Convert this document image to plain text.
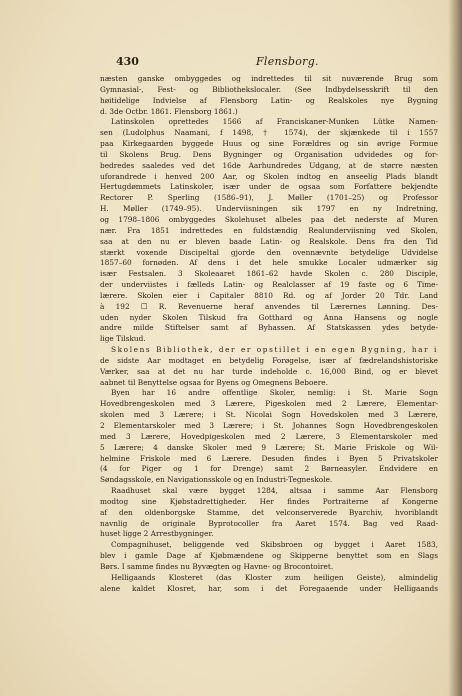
430	Flensborg.
næsten ganske ombyggedes og indrettedes til sit nuværende Brug som
Gymnasial-, Fest- og Bibliothekslocaler. (See Indbydelsesskrift til den
høitidelige Indvielse af Flensborg Latin- og Realskoles nye Bygning
d. 3de Octbr. 1861. Flensborg 1861.)
Latinskolen oprettedes 1566 af Franciskaner-Munken Lütke Namen-
sen (Ludolphus Naamani, f 1498, † 1574), der skjænkede til i 1557
paa Kirkegaarden byggede Huus og sine Forældres og sin øvrige Formue
til Skolens Brug. Dens Bygninger og Organisation udvidedes og for-
bedredes saaledes ved det 16de Aarhundredes Udgang, at de større næsten
uforandrede i henved 200 Aar, og Skolen indtog en anseelig Plads blandt
Hertugdømmets Latinskoler, især under de ogsaa som Forfattere bekjendte
Rectorer P. Sperling (1586–91), J. Møller (1701–25) og Professor
H. Møller (1749–95). Underviisningen sik 1797 en ny Indretning,
og 1798–1806 ombyggedes Skolehuset albeles paa det nederste af Muren
nær. Fra 1851 indrettedes en fuldstændig Realunderviisning ved Skolen,
saa at den nu er bleven baade Latin- og Realskole. Dens fra den Tid
stærkt voxende Discipeltal gjorde den ovennævnte betydelige Udvidelse
1857–60 fornøden. Af dens i det hele smukke Localer udmærker sig
især Festsalen. 3 Skoleaaret 1861–62 havde Skolen c. 280 Disciple,
der underviistes i fælleds Latin- og Realclasser af 19 faste og 6 Time-
lærere. Skolen eier i Capitaler 8810 Rd. og af Jorder 20 Tdr. Land
à 192 ☐ R. Revenuerne heraf anvendes til Lærernes Lønning. Des-
uden nyder Skolen Tilskud fra Gotthard og Anna Hansens og nogle
andre milde Stiftelser samt af Byhassen. Af Statskassen ydes betyde-
lige Tilskud.
Skolens Bibliothek, der er opstillet i en egen Bygning, har i
de sidste Aar modtaget en betydelig Forøgelse, især af fædrelandshistoriske
Værker, saa at det nu har turde indeholde c. 16,000 Bind, og er blevet
aabnet til Benyttelse ogsaa for Byens og Omegnens Beboere.
Byen har 16 andre offentlige Skoler, nemlig: i St. Marie Sogn
Hovedbrengeskolen med 3 Lærere, Pigeskolen med 2 Lærere, Elementar-
skolen med 3 Lærere; i St. Nicolai Sogn Hovedskolen med 3 Lærere,
2 Elementarskoler med 3 Lærere; i St. Johannes Sogn Hovedbrengeskolen
med 3 Lærere, Hovedpigeskolen med 2 Lærere, 3 Elementarskoler med
5 Lærere; 4 danske Skoler med 9 Lærere; St. Marie Friskole og Wil-
helmine Friskole med 6 Lærere. Desuden findes i Byen 5 Privatskoler
(4 for Piger og 1 for Drenge) samt 2 Børneasyler. Endvidere en
Søndagsskole, en Navigationsskole og en Industri-Tegneskole.
Raadhuset skal være bygget 1284, altsaa i samme Aar Flensborg
modtog sine Kjøbstadrettigheder. Her findes Portraiterne af Kongerne
af den oldenborgske Stamme, det velconserverede Byarchiv, hvoriblandt
navnlig de originale Byprotocoller fra Aaret 1574. Bag ved Raad-
huset ligge 2 Arrestbygninger.
Compagnihuset, beliggende ved Skibsbroen og bygget i Aaret 1583,
blev i gamle Dage af Kjøbmændene og Skipperne benyttet som en Slags
Børs. I samme findes nu Byvægten og Havne- og Brocontoiret.
Helligaands Klosteret (das Kloster zum heiligen Geiste), almindelig
alene kaldet Klosret, har, som i det Foregaaende under Helligaands
